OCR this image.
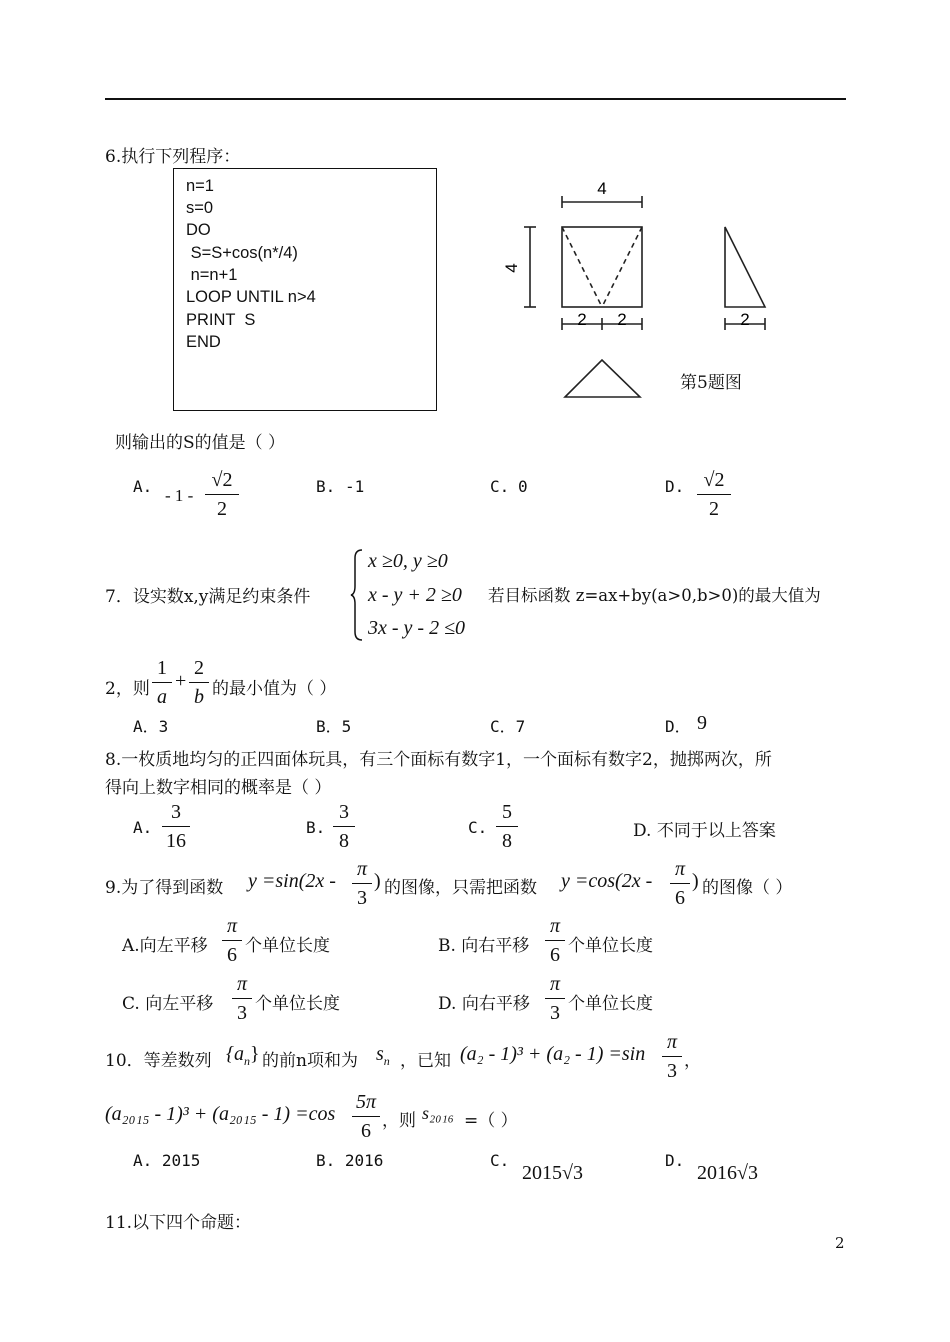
6.执行下列程序：
n=1
s=0
DO
S=S+cos(n*/4)
n=n+1
LOOP UNTIL n>4
PRINT  S
END
4
4
2 2	2
第5题图
则输出的S的值是（ ）
A. - 1 -
√2
2
B. -1	C. 0	D. √2
2
7．设实数x,y满足约束条件
x ≥0, y ≥0
x - y + 2 ≥0
3x - y - 2 ≤0
若目标函数 z=ax+by(a>0,b>0)的最大值为
2，则
1
a
+
2
b 的最小值为（ ）
A．3	B．5	C．7	D． 9
8.一枚质地均匀的正四面体玩具，有三个面标有数字1，一个面标有数字2，抛掷两次，所
得向上数字相同的概率是（ ）
A.
3
16
B.
3
8
C.
5
8	D. 不同于以上答案
9.为了得到函数 y =sin(2x -
π
3
) 的图像，只需把函数 y =cos(2x -
π
6
) 的图像（ ）
A.向左平移
π
6 个单位长度	B. 向右平移
π
6 个单位长度
C. 向左平移
π
3 个单位长度	D. 向右平移
π
3 个单位长度
10．等差数列 $\{a_n\}$ 的前n项和为 $s_n$ ，已知 (a₂ - 1)³ + (a₂ - 1) =sin
π
3 ，
(a₂₀₁₅ - 1)³ + (a₂₀₁₅ - 1) =cos
5π
6 ，则 s₂₀₁₆ =（ ）
A. 2015	B. 2016	C.
2015√3
D.
2016√3
11.以下四个命题：
2
